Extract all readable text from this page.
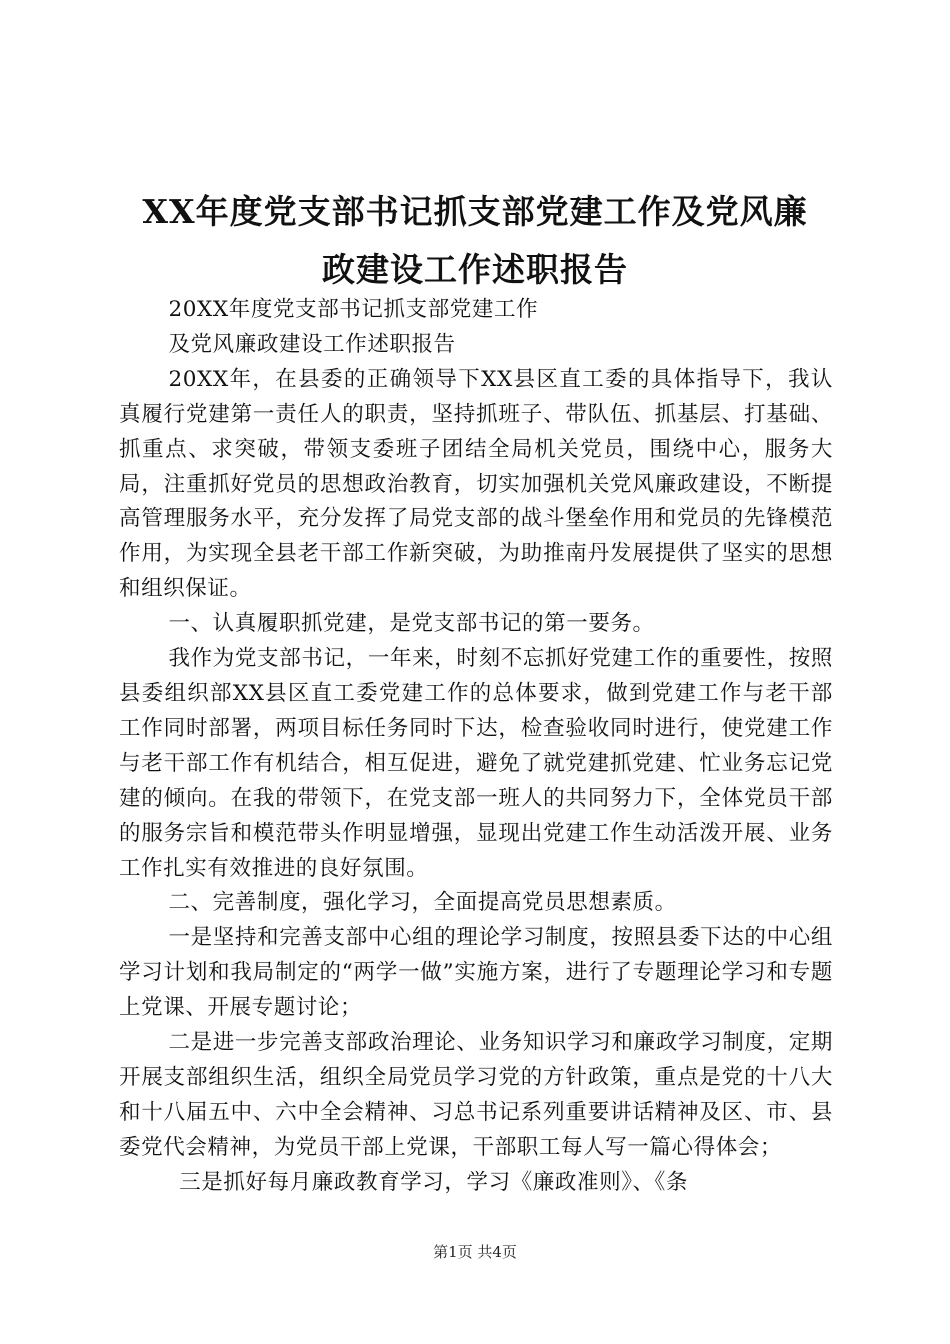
XX年度党支部书记抓支部党建工作及党风廉
政建设工作述职报告

20XX年度党支部书记抓支部党建工作

及党风廉政建设工作述职报告

20XX年，在县委的正确领导下XX县区直工委的具体指导下，我认真履行党建第一责任人的职责，坚持抓班子、带队伍、抓基层、打基础、抓重点、求突破，带领支委班子团结全局机关党员，围绕中心，服务大局，注重抓好党员的思想政治教育，切实加强机关党风廉政建设，不断提高管理服务水平，充分发挥了局党支部的战斗堡垒作用和党员的先锋模范作用，为实现全县老干部工作新突破，为助推南丹发展提供了坚实的思想和组织保证。

一、认真履职抓党建，是党支部书记的第一要务。

我作为党支部书记，一年来，时刻不忘抓好党建工作的重要性，按照县委组织部XX县区直工委党建工作的总体要求，做到党建工作与老干部工作同时部署，两项目标任务同时下达，检查验收同时进行，使党建工作与老干部工作有机结合，相互促进，避免了就党建抓党建、忙业务忘记党建的倾向。在我的带领下，在党支部一班人的共同努力下，全体党员干部的服务宗旨和模范带头作明显增强，显现出党建工作生动活泼开展、业务工作扎实有效推进的良好氛围。

二、完善制度，强化学习，全面提高党员思想素质。

一是坚持和完善支部中心组的理论学习制度，按照县委下达的中心组学习计划和我局制定的“两学一做”实施方案，进行了专题理论学习和专题上党课、开展专题讨论；

二是进一步完善支部政治理论、业务知识学习和廉政学习制度，定期开展支部组织生活，组织全局党员学习党的方针政策，重点是党的十八大和十八届五中、六中全会精神、习总书记系列重要讲话精神及区、市、县委党代会精神，为党员干部上党课，干部职工每人写一篇心得体会；

三是抓好每月廉政教育学习，学习《廉政准则》、《条

第1页 共4页
